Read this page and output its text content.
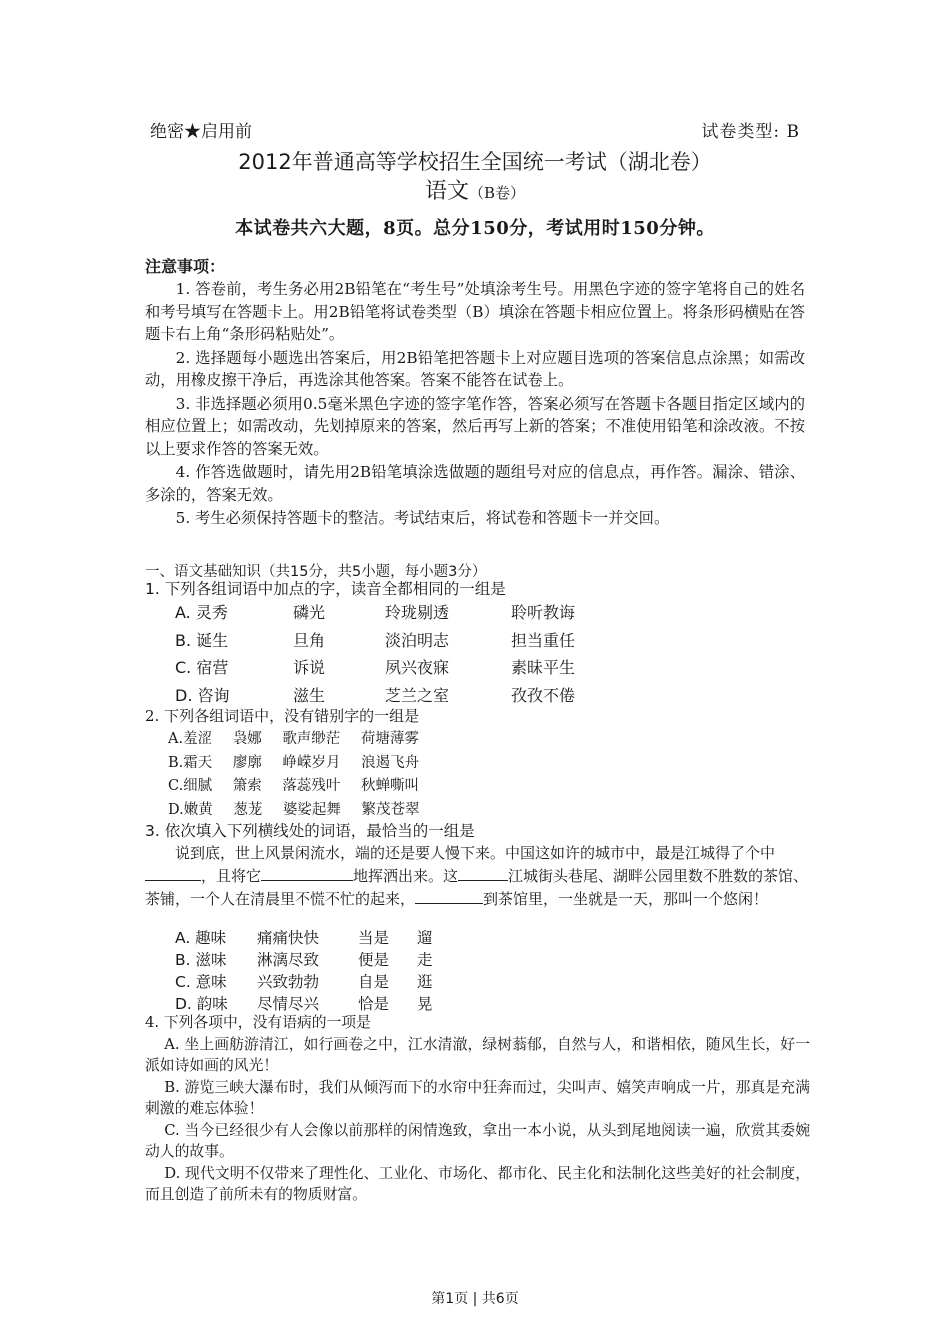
绝密★启用前	试卷类型: B
2012年普通高等学校招生全国统一考试（湖北卷）
语文（B卷）
本试卷共六大题，8页。总分150分，考试用时150分钟。
注意事项：

1. 答卷前，考生务必用2B铅笔在“考生号”处填涂考生号。用黑色字迹的签字笔将自己的姓名和考号填写在答题卡上。用2B铅笔将试卷类型（B）填涂在答题卡相应位置上。将条形码横贴在答题卡右上角“条形码粘贴处”。

2. 选择题每小题选出答案后，用2B铅笔把答题卡上对应题目选项的答案信息点涂黑；如需改动，用橡皮擦干净后，再选涂其他答案。答案不能答在试卷上。

3. 非选择题必须用0.5毫米黑色字迹的签字笔作答，答案必须写在答题卡各题目指定区域内的相应位置上；如需改动，先划掉原来的答案，然后再写上新的答案；不准使用铅笔和涂改液。不按以上要求作答的答案无效。

4. 作答选做题时，请先用2B铅笔填涂选做题的题组号对应的信息点，再作答。漏涂、错涂、多涂的，答案无效。

5. 考生必须保持答题卡的整洁。考试结束后，将试卷和答题卡一并交回。

一、语文基础知识（共15分，共5小题，每小题3分）

1. 下列各组词语中加点的字，读音全都相同的一组是

A. 灵秀	磷光	玲珑剔透	聆听教诲
B. 诞生	旦角	淡泊明志	担当重任
C. 宿营	诉说	夙兴夜寐	素昧平生
D. 咨询	滋生	芝兰之室	孜孜不倦

2. 下列各组词语中，没有错别字的一组是

A.羞涩 袅娜 歌声缈茫 荷塘薄雾
B.霜天 廖廓 峥嵘岁月 浪遏飞舟
C.细腻 箫索 落蕊残叶 秋蝉嘶叫
D.嫩黄 葱茏 婆娑起舞 繁茂苍翠

3. 依次填入下列横线处的词语，最恰当的一组是

说到底，世上风景闲流水，端的还是要人慢下来。中国这如许的城市中，最是江城得了个中，且将它	地挥洒出来。这	江城街头巷尾、湖畔公园里数不胜数的茶馆、茶铺，一个人在清晨里不慌不忙的起来，	到茶馆里，一坐就是一天，那叫一个悠闲！

A. 趣味 痛痛快快	当是 遛
B. 滋味 淋漓尽致	便是 走
C. 意味 兴致勃勃	自是 逛
D. 韵味 尽情尽兴	恰是 晃

4. 下列各项中，没有语病的一项是

A. 坐上画舫游清江，如行画卷之中，江水清澈，绿树蓊郁，自然与人，和谐相依，随风生长，好一派如诗如画的风光！

B. 游览三峡大瀑布时，我们从倾泻而下的水帘中狂奔而过，尖叫声、嬉笑声响成一片，那真是充满刺激的难忘体验！

C. 当今已经很少有人会像以前那样的闲情逸致，拿出一本小说，从头到尾地阅读一遍，欣赏其委婉动人的故事。

D. 现代文明不仅带来了理性化、工业化、市场化、都市化、民主化和法制化这些美好的社会制度，而且创造了前所未有的物质财富。

第1页 | 共6页
